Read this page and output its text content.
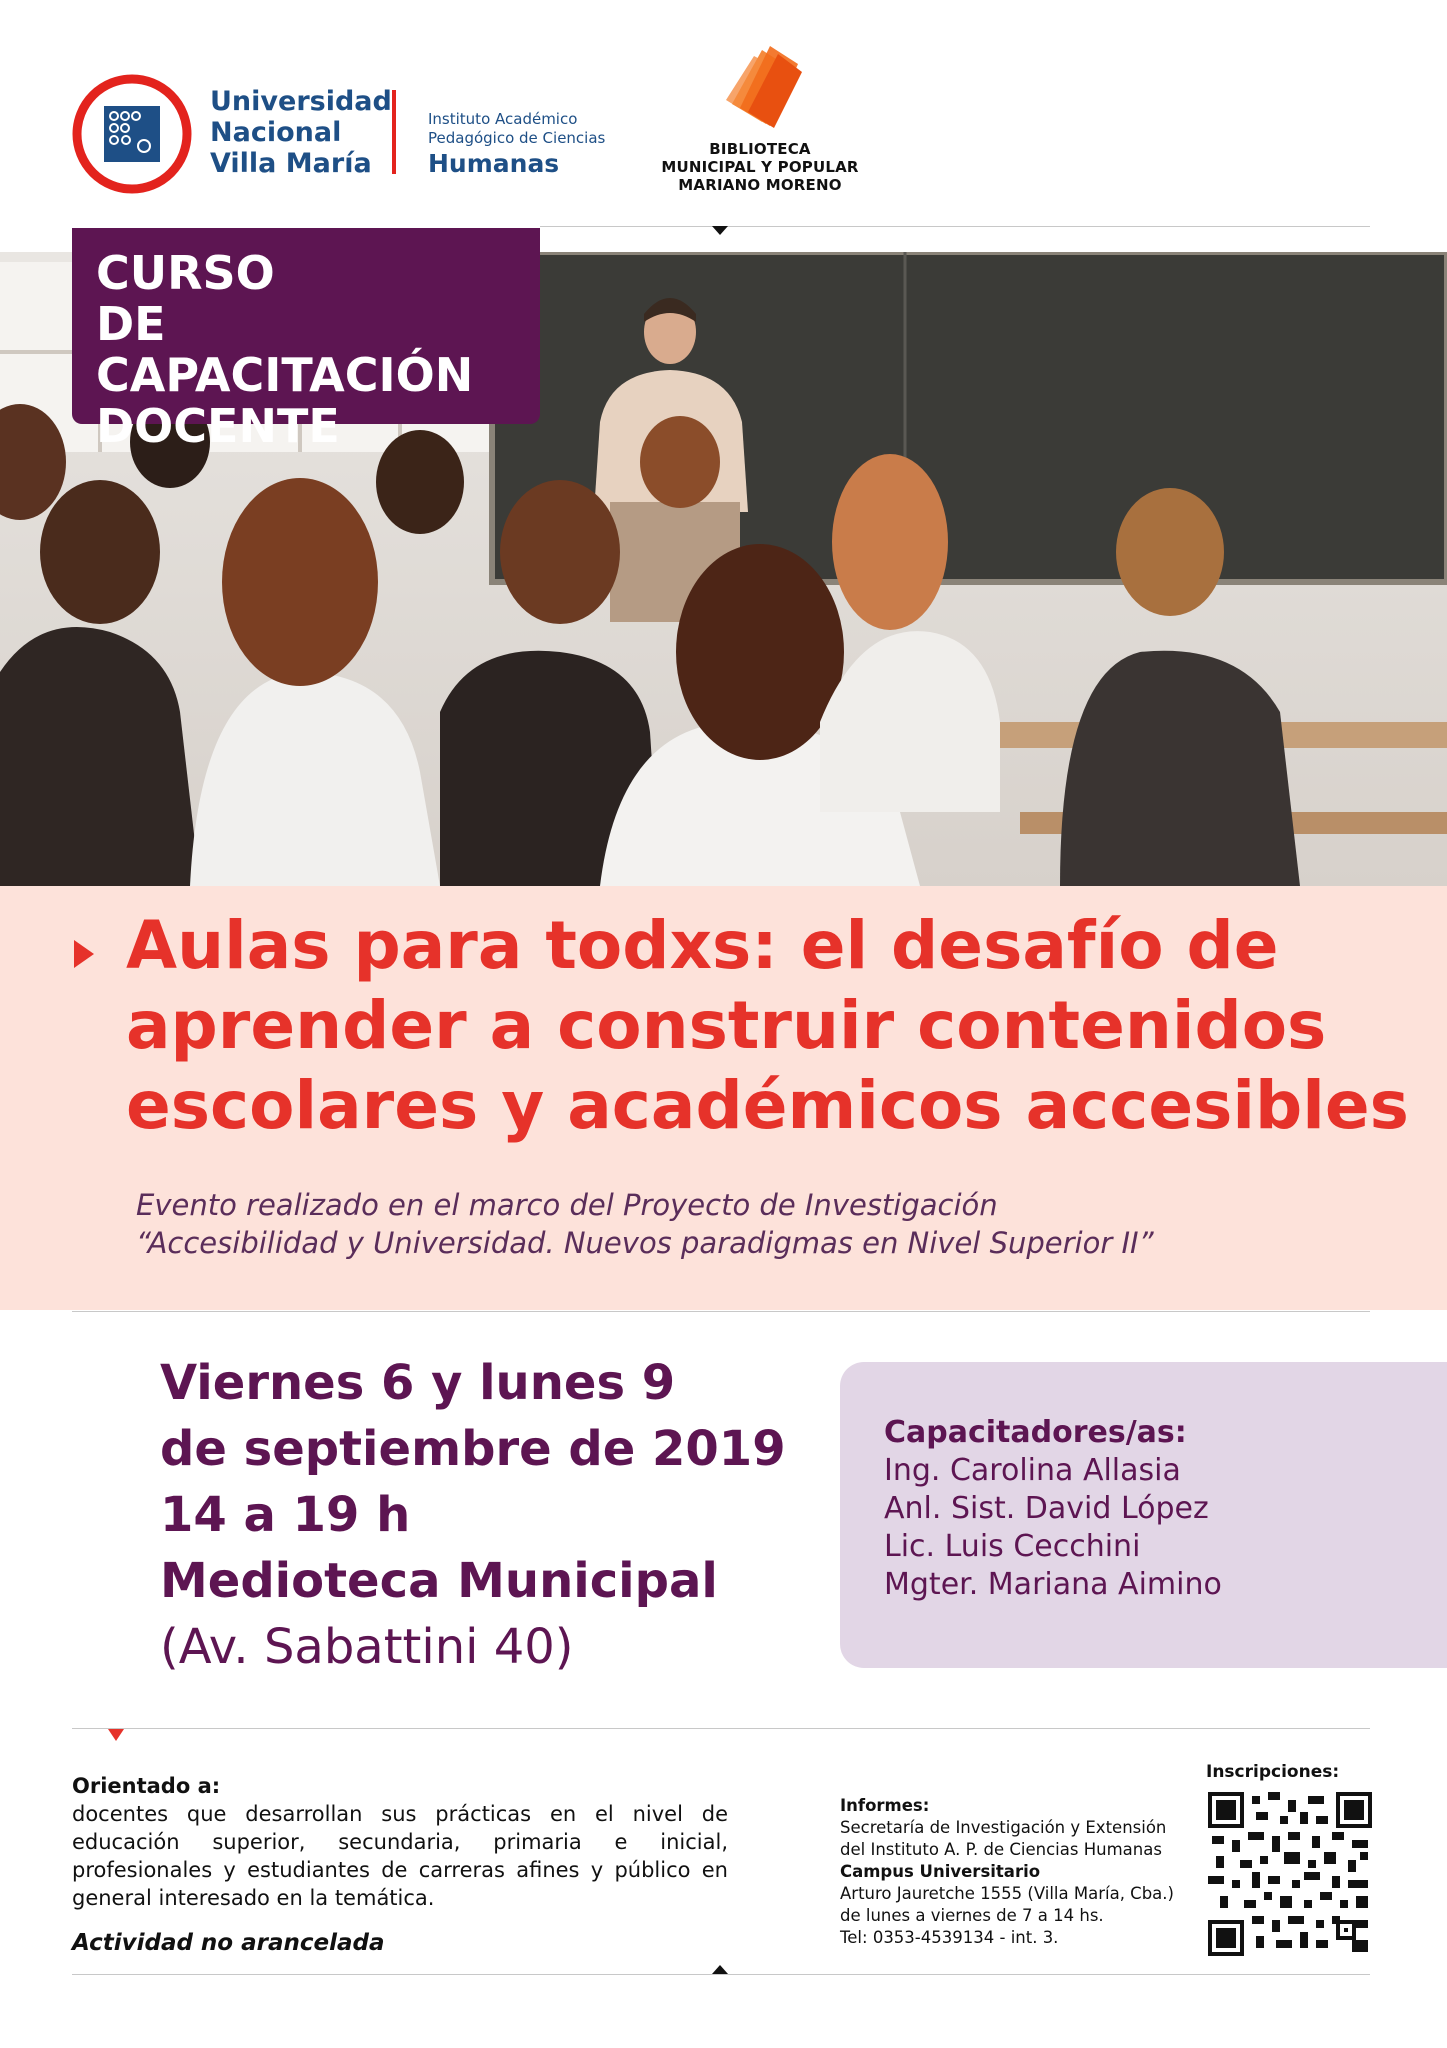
Universidad
Nacional
Villa María
Instituto Académico
Pedagógico de Ciencias
Humanas	BIBLIOTECA
MUNICIPAL Y POPULAR
MARIANO MORENO
CURSO
DE CAPACITACIÓN
DOCENTE
Aulas para todxs: el desafío de
aprender a construir contenidos
escolares y académicos accesibles
Evento realizado en el marco del Proyecto de Investigación
“Accesibilidad y Universidad. Nuevos paradigmas en Nivel Superior II”
Viernes 6 y lunes 9
de septiembre de 2019
14 a 19 h
Medioteca Municipal
(Av. Sabattini 40)
Capacitadores/as:
Ing. Carolina Allasia
Anl. Sist. David López
Lic. Luis Cecchini
Mgter. Mariana Aimino
Orientado a:
docentes que desarrollan sus prácticas en el nivel de educación superior, secundaria, primaria e inicial, profesionales y estudiantes de carreras afines y público en general interesado en la temática.
Actividad no arancelada
Informes:
Secretaría de Investigación y Extensión
del Instituto A. P. de Ciencias Humanas
Campus Universitario
Arturo Jauretche 1555 (Villa María, Cba.)
de lunes a viernes de 7 a 14 hs.
Tel: 0353-4539134 - int. 3.
Inscripciones:
